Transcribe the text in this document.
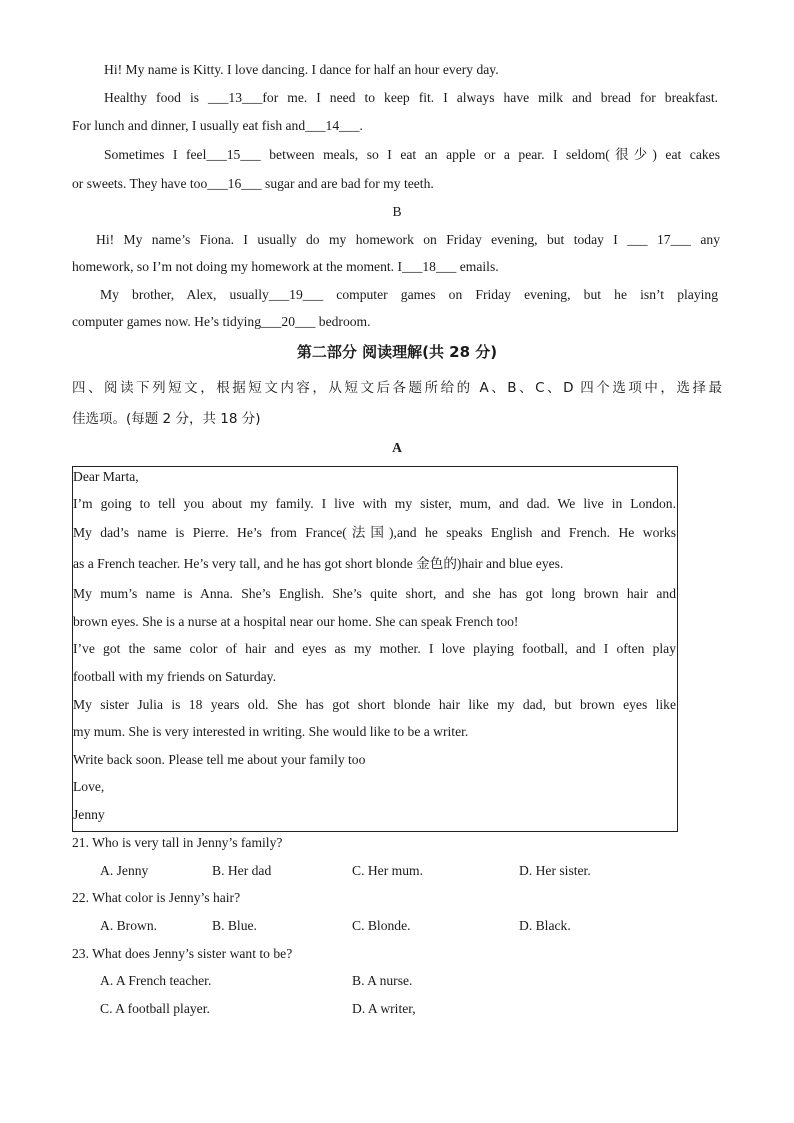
Hi! My name is Kitty. I love dancing. I dance for half an hour every day.
Healthy food is ___13___for me. I need to keep fit. I always have milk and bread for breakfast.
For lunch and dinner, I usually eat fish and___14___.
Sometimes I feel___15___ between meals, so I eat an apple or a pear. I seldom(很少) eat cakes
or sweets. They have too___16___ sugar and are bad for my teeth.
B
Hi! My name’s Fiona. I usually do my homework on Friday evening, but today I ___ 17___ any
homework, so I’m not doing my homework at the moment. I___18___ emails.
My brother, Alex, usually___19___ computer games on Friday evening, but he isn’t playing
computer games now. He’s tidying___20___ bedroom.
第二部分 阅读理解(共 28 分)
四、阅读下列短文，根据短文内容，从短文后各题所给的 A、B、C、D 四个选项中，选择最
佳选项。(每题 2 分，共 18 分)
A
Dear Marta,
I’m going to tell you about my family. I live with my sister, mum, and dad. We live in London.
My dad’s name is Pierre. He’s from France(法国),and he speaks English and French. He works
as a French teacher. He’s very tall, and he has got short blonde 金色的)hair and blue eyes.
My mum’s name is Anna. She’s English. She’s quite short, and she has got long brown hair and
brown eyes. She is a nurse at a hospital near our home. She can speak French too!
I’ve got the same color of hair and eyes as my mother. I love playing football, and I often play
football with my friends on Saturday.
My sister Julia is 18 years old. She has got short blonde hair like my dad, but brown eyes like
my mum. She is very interested in writing. She would like to be a writer.
Write back soon. Please tell me about your family too
Love,
Jenny
21. Who is very tall in Jenny’s family?
A. Jenny	B. Her dad	C. Her mum.	D. Her sister.
22. What color is Jenny’s hair?
A. Brown.	B. Blue.	C. Blonde.	D. Black.
23. What does Jenny’s sister want to be?
A. A French teacher.	B. A nurse.
C. A football player.	D. A writer,
